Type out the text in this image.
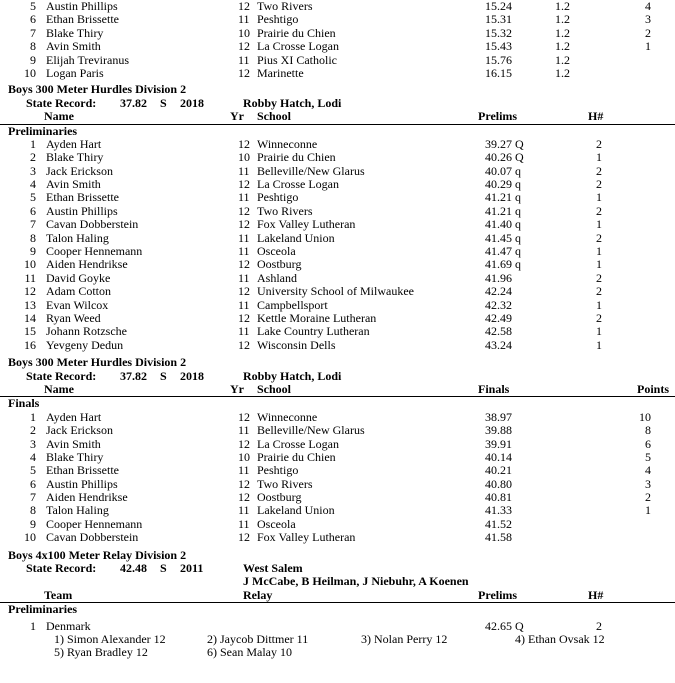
5 Austin Phillips	12 Two Rivers	15.24	1.2	4
6 Ethan Brissette	11 Peshtigo	15.31	1.2	3
7 Blake Thiry	10 Prairie du Chien	15.32	1.2	2
8 Avin Smith	12 La Crosse Logan	15.43	1.2	1
9 Elijah Treviranus	11 Pius XI Catholic	15.76	1.2
10 Logan Paris	12 Marinette	16.15	1.2
Boys 300 Meter Hurdles Division 2
State Record: 37.82 S 2018	Robby Hatch, Lodi
Name	Yr School	Prelims	H#
Preliminaries
1 Ayden Hart	12 Winneconne	39.27 Q	2
2 Blake Thiry	10 Prairie du Chien	40.26 Q	1
3 Jack Erickson	11 Belleville/New Glarus	40.07 q	2
4 Avin Smith	12 La Crosse Logan	40.29 q	2
5 Ethan Brissette	11 Peshtigo	41.21 q	1
6 Austin Phillips	12 Two Rivers	41.21 q	2
7 Cavan Dobberstein	12 Fox Valley Lutheran	41.40 q	1
8 Talon Haling	11 Lakeland Union	41.45 q	2
9 Cooper Hennemann	11 Osceola	41.47 q	1
10 Aiden Hendrikse	12 Oostburg	41.69 q	1
11 David Goyke	11 Ashland	41.96	2
12 Adam Cotton	12 University School of Milwaukee	42.24	2
13 Evan Wilcox	11 Campbellsport	42.32	1
14 Ryan Weed	12 Kettle Moraine Lutheran	42.49	2
15 Johann Rotzsche	11 Lake Country Lutheran	42.58	1
16 Yevgeny Dedun	12 Wisconsin Dells	43.24	1
Boys 300 Meter Hurdles Division 2
State Record: 37.82 S 2018	Robby Hatch, Lodi
Name	Yr School	Finals	Points
Finals
1 Ayden Hart	12 Winneconne	38.97	10
2 Jack Erickson	11 Belleville/New Glarus	39.88	8
3 Avin Smith	12 La Crosse Logan	39.91	6
4 Blake Thiry	10 Prairie du Chien	40.14	5
5 Ethan Brissette	11 Peshtigo	40.21	4
6 Austin Phillips	12 Two Rivers	40.80	3
7 Aiden Hendrikse	12 Oostburg	40.81	2
8 Talon Haling	11 Lakeland Union	41.33	1
9 Cooper Hennemann	11 Osceola	41.52
10 Cavan Dobberstein	12 Fox Valley Lutheran	41.58
Boys 4x100 Meter Relay Division 2
State Record: 42.48 S 2011	West Salem
J McCabe, B Heilman, J Niebuhr, A Koenen
Team	Relay	Prelims	H#
Preliminaries
1 Denmark	42.65 Q	2
1) Simon Alexander 12	2) Jaycob Dittmer 11	3) Nolan Perry 12	4) Ethan Ovsak 12
5) Ryan Bradley 12	6) Sean Malay 10
